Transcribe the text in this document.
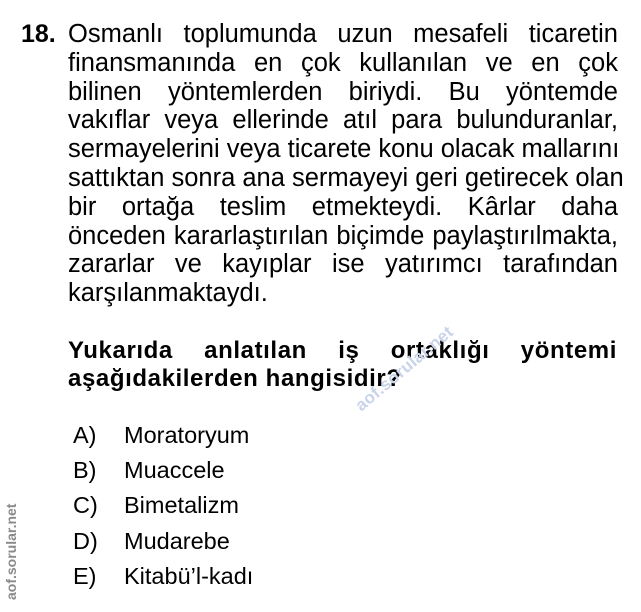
18. Osmanlı toplumunda uzun mesafeli ticaretin
finansmanında en çok kullanılan ve en çok
bilinen yöntemlerden biriydi. Bu yöntemde
vakıflar veya ellerinde atıl para bulunduranlar,
sermayelerini veya ticarete konu olacak mallarını
sattıktan sonra ana sermayeyi geri getirecek olan
bir ortağa teslim etmekteydi. Kârlar daha
önceden kararlaştırılan biçimde paylaştırılmakta,
zararlar ve kayıplar ise yatırımcı tarafından
karşılanmaktaydı.

Yukarıda anlatılan iş ortaklığı yöntemi
aşağıdakilerden hangisidir?

A)	Moratoryum
B)	Muaccele
C)	Bimetalizm
D)	Mudarebe
E)	Kitabü’l-kadı
aof.sorular.net
aof.sorular.net
